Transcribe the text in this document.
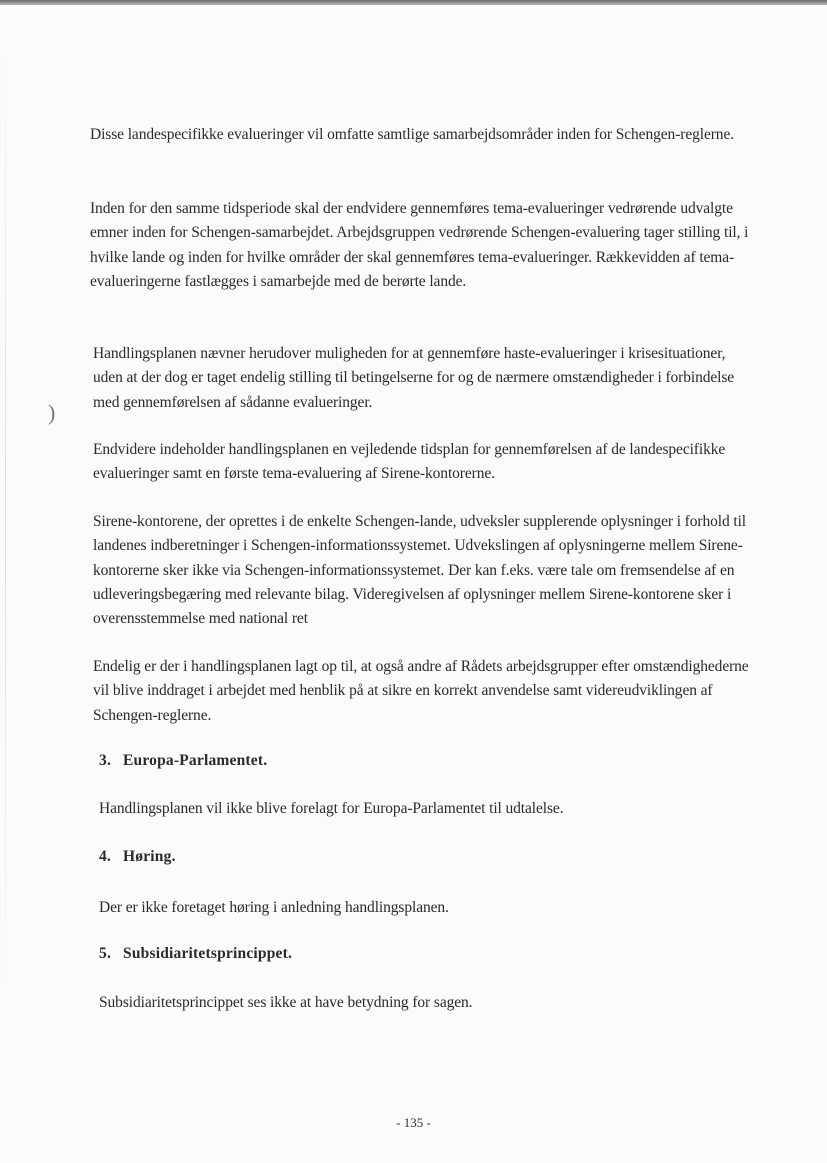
)

Disse landespecifikke evalueringer vil omfatte samtlige samarbejdsområder inden for Schengen-reglerne.

Inden for den samme tidsperiode skal der endvidere gennemføres tema-evalueringer vedrørende udvalgte emner inden for Schengen-samarbejdet. Arbejdsgruppen vedrørende Schengen-evaluering tager stilling til, i hvilke lande og inden for hvilke områder der skal gennemføres tema-evalueringer. Rækkevidden af tema-evalueringerne fastlægges i samarbejde med de berørte lande.

Handlingsplanen nævner herudover muligheden for at gennemføre haste-evalueringer i krisesituationer, uden at der dog er taget endelig stilling til betingelserne for og de nærmere omstændigheder i forbindelse med gennemførelsen af sådanne evalueringer.

Endvidere indeholder handlingsplanen en vejledende tidsplan for gennemførelsen af de landespecifikke evalueringer samt en første tema-evaluering af Sirene-kontorerne.

Sirene-kontorene, der oprettes i de enkelte Schengen-lande, udveksler supplerende oplysninger i forhold til landenes indberetninger i Schengen-informationssystemet. Udvekslingen af oplysningerne mellem Sirene-kontorerne sker ikke via Schengen-informationssystemet. Der kan f.eks. være tale om fremsendelse af en udleveringsbegæring med relevante bilag. Videregivelsen af oplysninger mellem Sirene-kontorene sker i overensstemmelse med national ret

Endelig er der i handlingsplanen lagt op til, at også andre af Rådets arbejdsgrupper efter omstændighederne vil blive inddraget i arbejdet med henblik på at sikre en korrekt anvendelse samt videreudviklingen af Schengen-reglerne.

3. Europa-Parlamentet.

Handlingsplanen vil ikke blive forelagt for Europa-Parlamentet til udtalelse.

4. Høring.

Der er ikke foretaget høring i anledning handlingsplanen.

5. Subsidiaritetsprincippet.

Subsidiaritetsprincippet ses ikke at have betydning for sagen.

- 135 -
